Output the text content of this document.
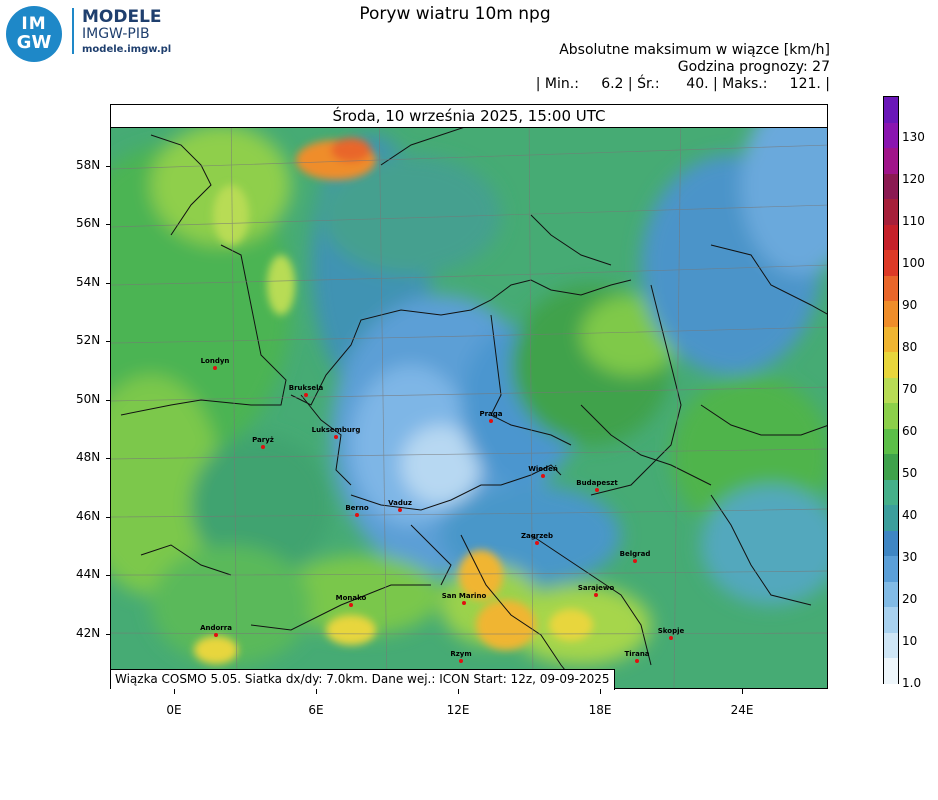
IM
GW
MODELE
IMGW-PIB
modele.imgw.pl
Poryw wiatru 10m npg
Absolutne maksimum w wiązce [km/h]
Godzina prognozy: 27
| Min.:     6.2 | Śr.:      40. | Maks.:     121. |
Londyn
Bruksela
Paryż
Luksemburg
Praga
Wiedeń
Budapeszt
Berno
Vaduz
Zagrzeb
Belgrad
Monako	San Marino
Sarajewo
Andorra	Skopje
Rzym	Tirana
Środa, 10 września 2025, 15:00 UTC
Wiązka COSMO 5.05. Siatka dx/dy: 7.0km. Dane wej.: ICON Start: 12z, 09-09-2025
58N
56N
54N
52N
50N
48N
46N
44N
42N
0E	6E	12E	18E	24E
130
120
110
100
90
80
70
60
50
40
30
20
10
1.0
